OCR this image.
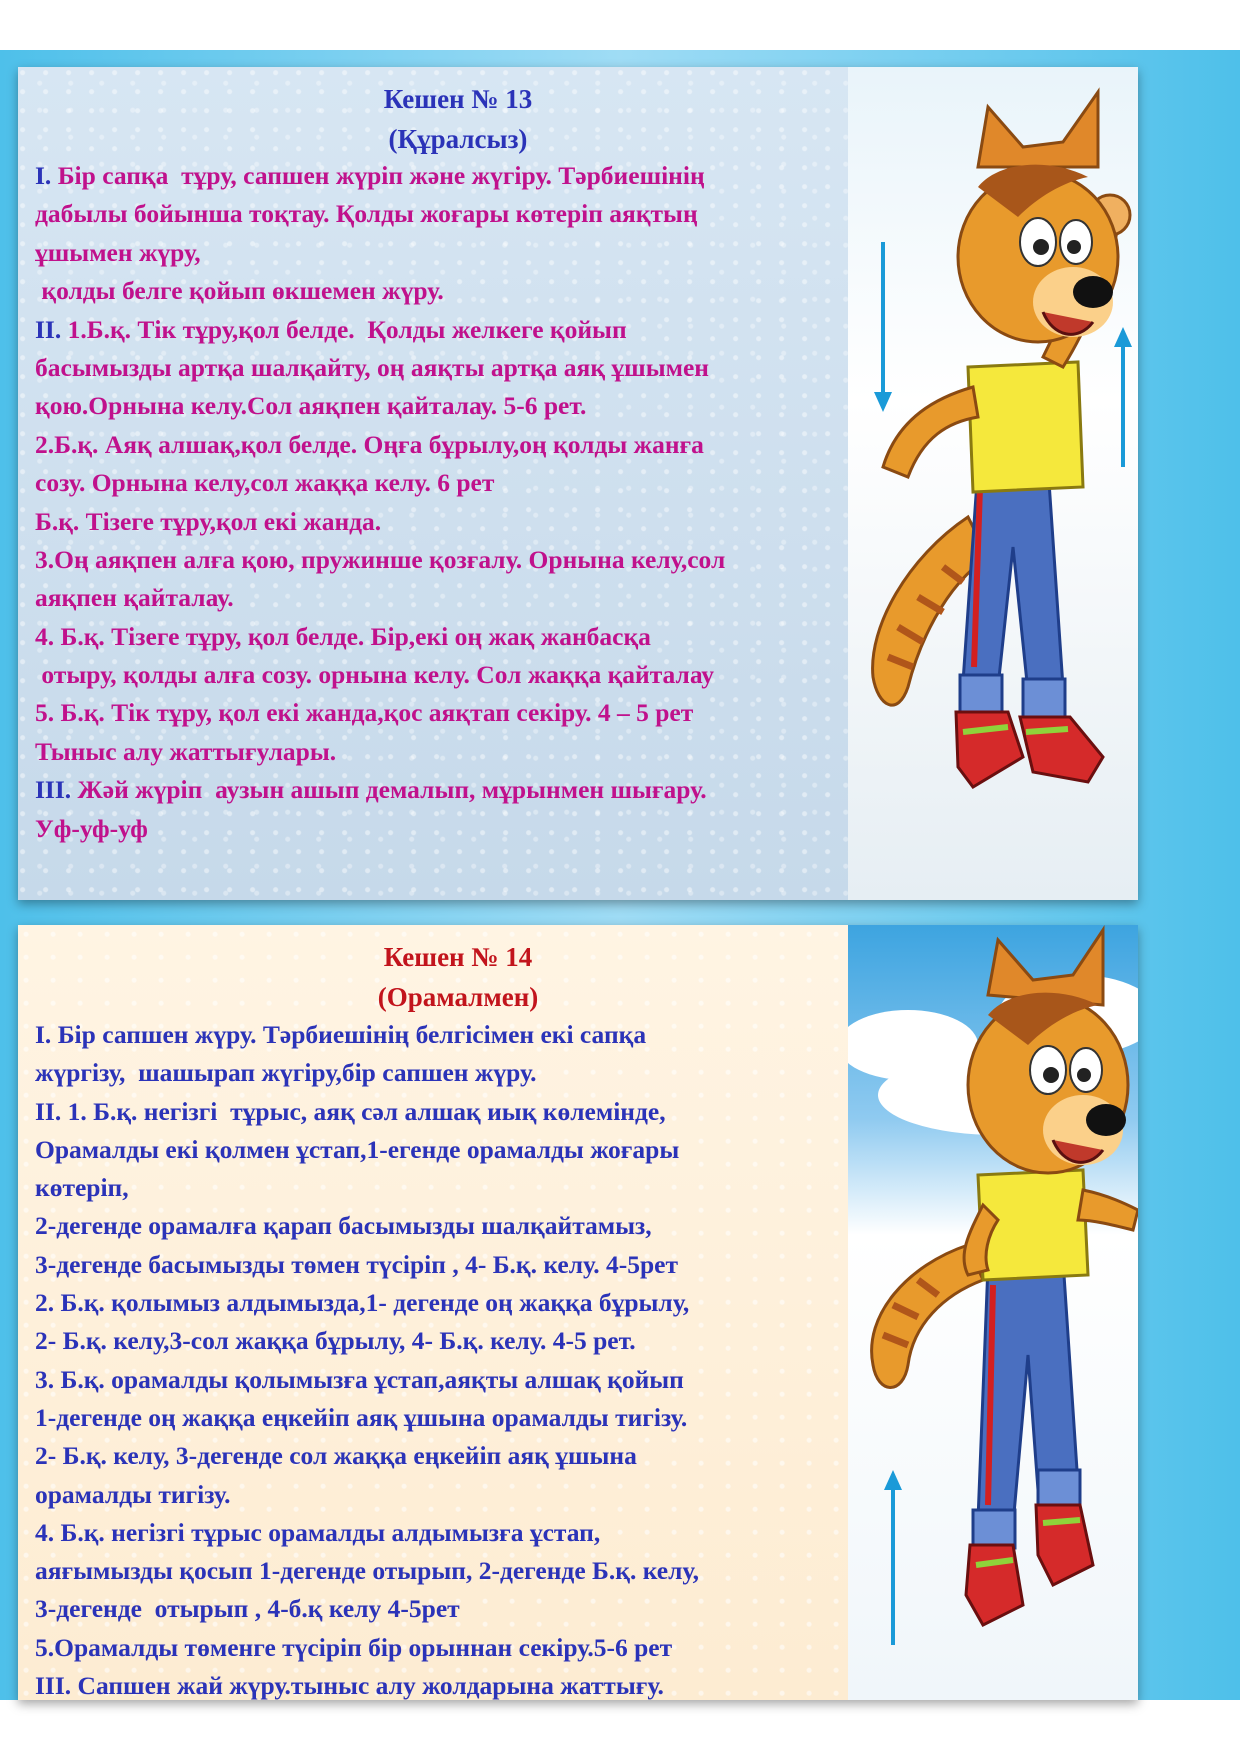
Кешен № 13
(Құралсыз)
І. Бір сапқа  тұру, сапшен жүріп және жүгіру. Тәрбиешінің
дабылы бойынша тоқтау. Қолды жоғары көтеріп аяқтың
ұшымен жүру,
қолды белге қойып өкшемен жүру.
ІІ. 1.Б.қ. Тік тұру,қол белде.  Қолды желкеге қойып
басымызды артқа шалқайту, оң аяқты артқа аяқ ұшымен
қою.Орнына келу.Сол аяқпен қайталау. 5-6 рет.
2.Б.қ. Аяқ алшақ,қол белде. Оңға бұрылу,оң қолды жанға
созу. Орнына келу,сол жаққа келу. 6 рет
Б.қ. Тізеге тұру,қол екі жанда.
3.Оң аяқпен алға қою, пружинше қозғалу. Орнына келу,сол
аяқпен қайталау.
4. Б.қ. Тізеге тұру, қол белде. Бір,екі оң жақ жанбасқа
отыру, қолды алға созу. орнына келу. Сол жаққа қайталау
5. Б.қ. Тік тұру, қол екі жанда,қос аяқтап секіру. 4 – 5 рет
Тыныс алу жаттығулары.
ІІІ. Жәй жүріп  аузын ашып демалып, мұрынмен шығару.
Уф-уф-уф
Кешен № 14
(Орамалмен)
І. Бір сапшен жүру. Тәрбиешінің белгісімен екі сапқа
жүргізу,  шашырап жүгіру,бір сапшен жүру.
ІІ. 1. Б.қ. негізгі  тұрыс, аяқ сәл алшақ иық көлемінде,
Орамалды екі қолмен ұстап,1-егенде орамалды жоғары
көтеріп,
2-дегенде орамалға қарап басымызды шалқайтамыз,
3-дегенде басымызды төмен түсіріп , 4- Б.қ. келу. 4-5рет
2. Б.қ. қолымыз алдымызда,1- дегенде оң жаққа бұрылу,
2- Б.қ. келу,3-сол жаққа бұрылу, 4- Б.қ. келу. 4-5 рет.
3. Б.қ. орамалды қолымызға ұстап,аяқты алшақ қойып
1-дегенде оң жаққа еңкейіп аяқ ұшына орамалды тигізу.
2- Б.қ. келу, 3-дегенде сол жаққа еңкейіп аяқ ұшына
орамалды тигізу.
4. Б.қ. негізгі тұрыс орамалды алдымызға ұстап,
аяғымызды қосып 1-дегенде отырып, 2-дегенде Б.қ. келу,
3-дегенде  отырып , 4-б.қ келу 4-5рет
5.Орамалды төменге түсіріп бір орыннан секіру.5-6 рет
ІІІ. Сапшен жай жүру.тыныс алу жолдарына жаттығу.
